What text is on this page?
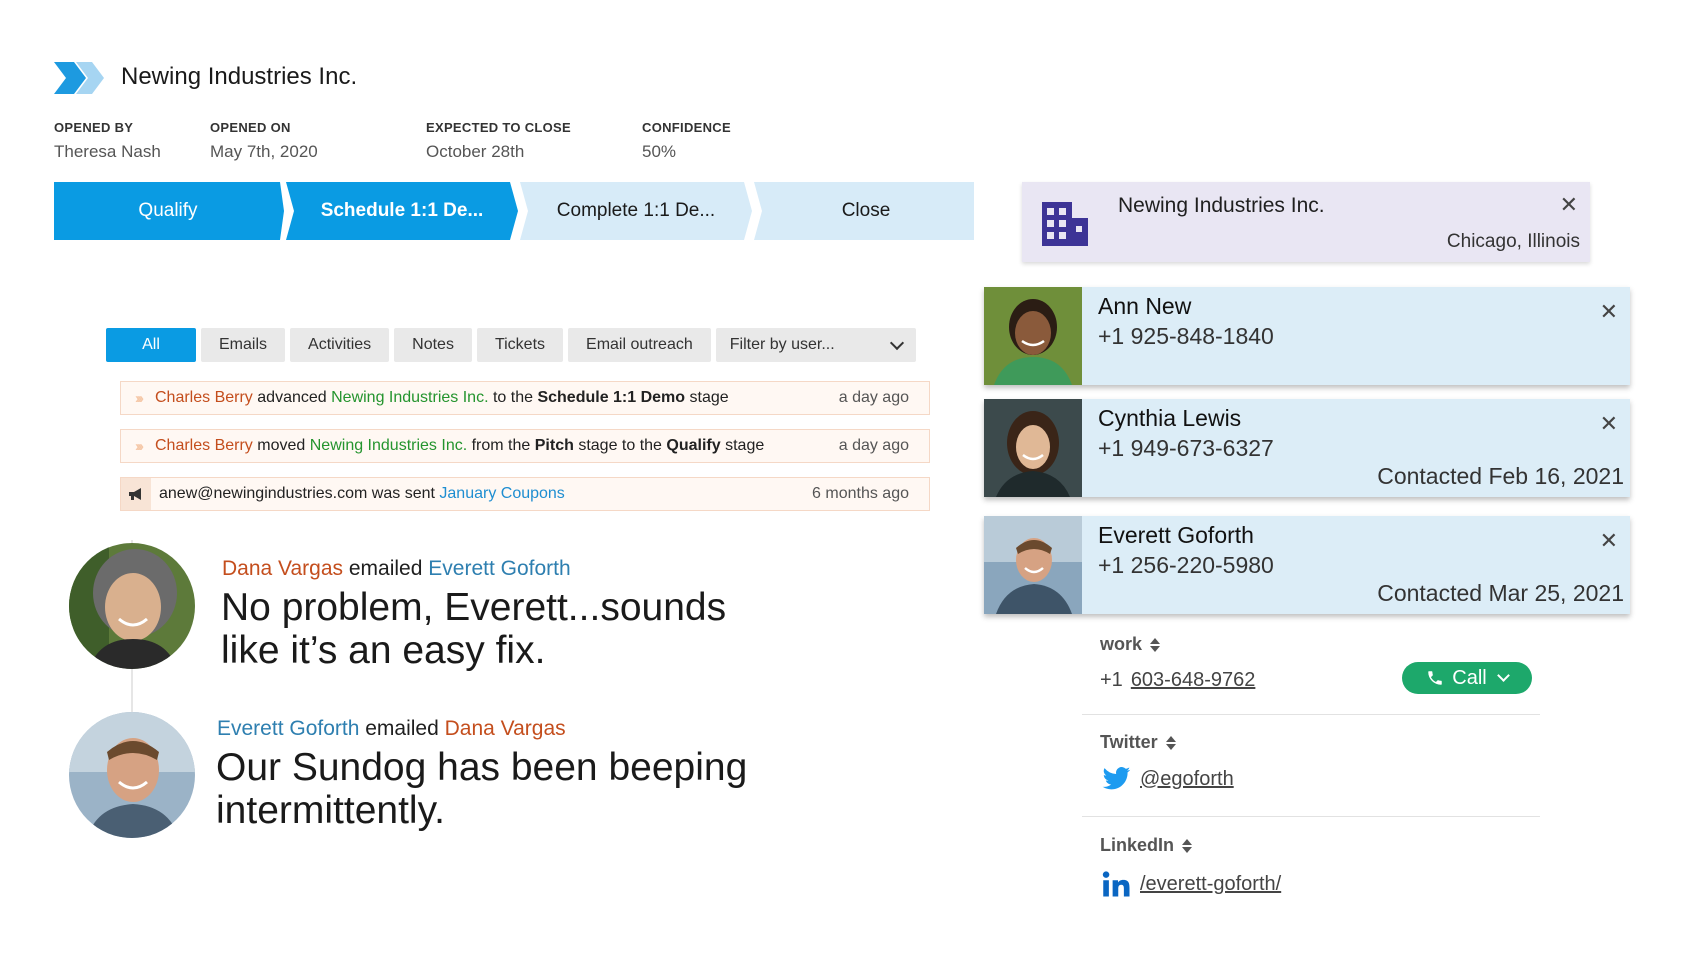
Newing Industries Inc.
OPENED BY
Theresa Nash
OPENED ON
May 7th, 2020
EXPECTED TO CLOSE
October 28th
CONFIDENCE
50%
Qualify	Schedule 1:1 De...	Complete 1:1 De...	Close
All	Emails	Activities	Notes	Tickets	Email outreach	Filter by user...
››› Charles Berry advanced Newing Industries Inc. to the Schedule 1:1 Demo stage	a day ago
››› Charles Berry moved Newing Industries Inc. from the Pitch stage to the Qualify stage	a day ago
anew@newingindustries.com was sent January Coupons	6 months ago
Dana Vargas emailed Everett Goforth
No problem, Everett...sounds
like it’s an easy fix.
Everett Goforth emailed Dana Vargas
Our Sundog has been beeping
intermittently.
Newing Industries Inc.	✕
Chicago, Illinois
Ann New
+1 925-848-1840
✕
Cynthia Lewis
+1 949-673-6327
Contacted Feb 16, 2021
✕
Everett Goforth
+1 256-220-5980
Contacted Mar 25, 2021
✕
work
+1 603-648-9762	Call
Twitter
@egoforth
LinkedIn
/everett-goforth/
